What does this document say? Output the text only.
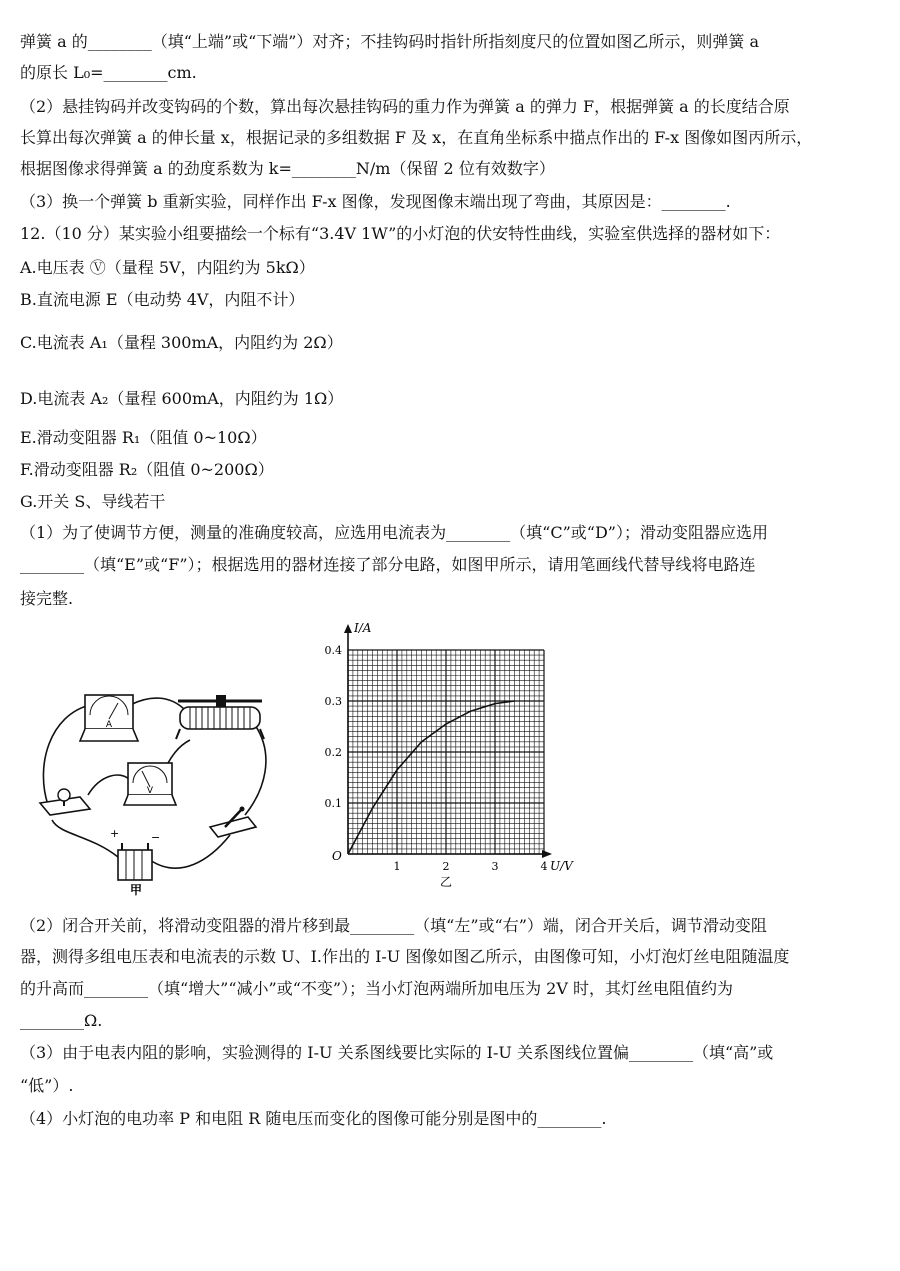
弹簧 a 的________（填“上端”或“下端”）对齐；不挂钩码时指针所指刻度尺的位置如图乙所示，则弹簧 a
的原长 L₀=________cm.
（2）悬挂钩码并改变钩码的个数，算出每次悬挂钩码的重力作为弹簧 a 的弹力 F，根据弹簧 a 的长度结合原
长算出每次弹簧 a 的伸长量 x，根据记录的多组数据 F 及 x，在直角坐标系中描点作出的 F-x 图像如图丙所示，
根据图像求得弹簧 a 的劲度系数为 k=________N/m（保留 2 位有效数字）
（3）换一个弹簧 b 重新实验，同样作出 F-x 图像，发现图像末端出现了弯曲，其原因是：________.
12.（10 分）某实验小组要描绘一个标有“3.4V 1W”的小灯泡的伏安特性曲线，实验室供选择的器材如下：
A.电压表 Ⓥ（量程 5V，内阻约为 5kΩ）
B.直流电源 E（电动势 4V，内阻不计）
C.电流表 A₁（量程 300mA，内阻约为 2Ω）
D.电流表 A₂（量程 600mA，内阻约为 1Ω）
E.滑动变阻器 R₁（阻值 0~10Ω）
F.滑动变阻器 R₂（阻值 0~200Ω）
G.开关 S、导线若干
（1）为了使调节方便，测量的准确度较高，应选用电流表为________（填“C”或“D”）；滑动变阻器应选用
________（填“E”或“F”）；根据选用的器材连接了部分电路，如图甲所示，请用笔画线代替导线将电路连
接完整.
（2）闭合开关前，将滑动变阻器的滑片移到最________（填“左”或“右”）端，闭合开关后，调节滑动变阻
器，测得多组电压表和电流表的示数 U、I.作出的 I-U 图像如图乙所示，由图像可知，小灯泡灯丝电阻随温度
的升高而________（填“增大”“减小”或“不变”）；当小灯泡两端所加电压为 2V 时，其灯丝电阻值约为
________Ω.
（3）由于电表内阻的影响，实验测得的 I-U 关系图线要比实际的 I-U 关系图线位置偏________（填“高”或
“低”）.
（4）小灯泡的电功率 P 和电阻 R 随电压而变化的图像可能分别是图中的________.
A
V
+	−
甲
1	2	3	4
0.1
0.2
0.3
0.4
I/A
U/V
O
乙
